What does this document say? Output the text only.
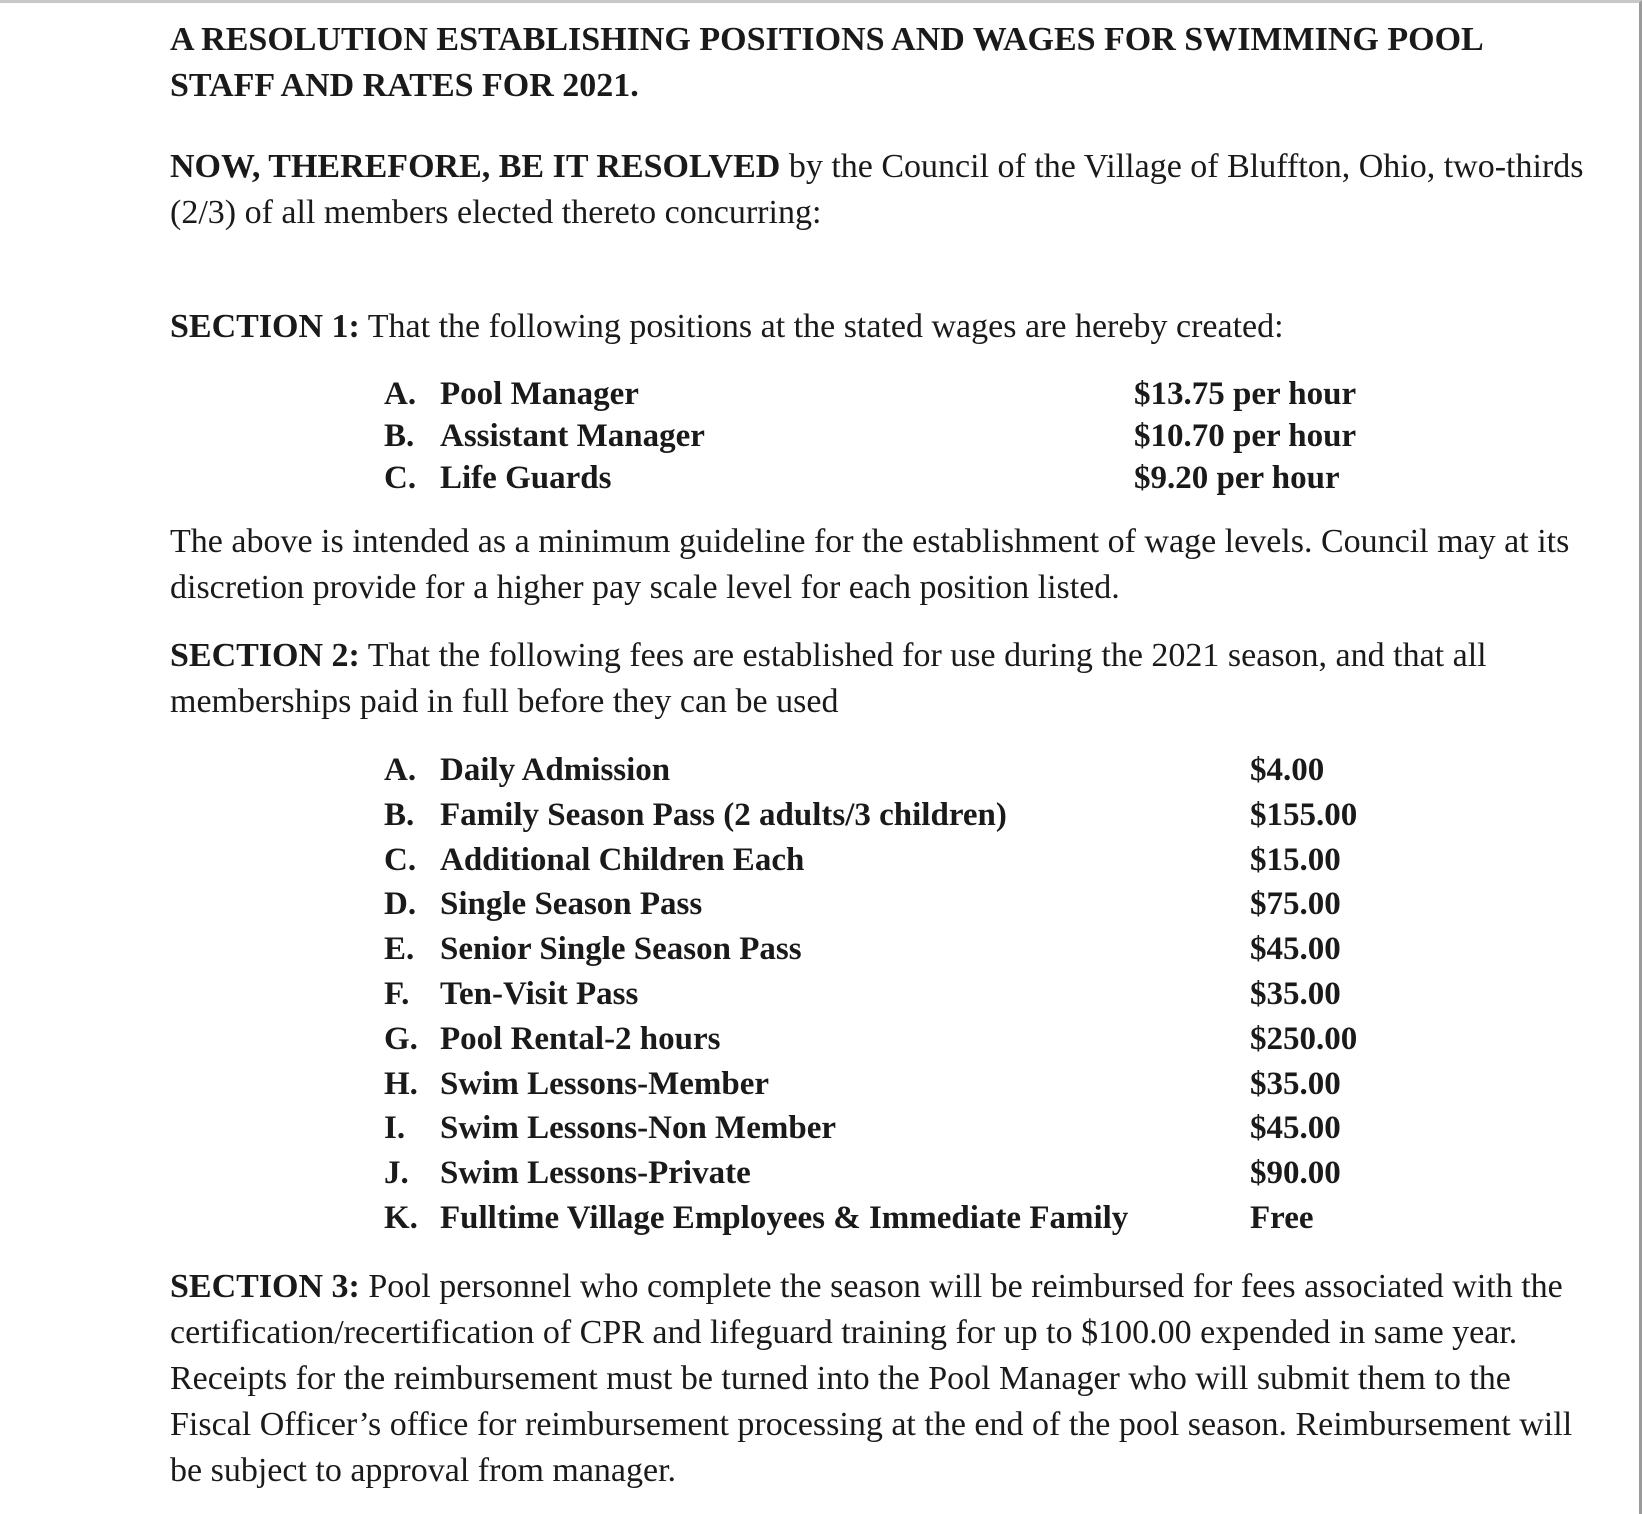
A RESOLUTION ESTABLISHING POSITIONS AND WAGES FOR SWIMMING POOL STAFF AND RATES FOR 2021.

NOW, THEREFORE, BE IT RESOLVED by the Council of the Village of Bluffton, Ohio, two-thirds (2/3) of all members elected thereto concurring:

SECTION 1: That the following positions at the stated wages are hereby created:

A. Pool Manager	$13.75 per hour
B. Assistant Manager	$10.70 per hour
C. Life Guards	$9.20 per hour

The above is intended as a minimum guideline for the establishment of wage levels. Council may at its discretion provide for a higher pay scale level for each position listed.

SECTION 2: That the following fees are established for use during the 2021 season, and that all memberships paid in full before they can be used

A. Daily Admission	$4.00
B. Family Season Pass (2 adults/3 children)	$155.00
C. Additional Children Each	$15.00
D. Single Season Pass	$75.00
E. Senior Single Season Pass	$45.00
F. Ten-Visit Pass	$35.00
G. Pool Rental-2 hours	$250.00
H. Swim Lessons-Member	$35.00
I. Swim Lessons-Non Member	$45.00
J. Swim Lessons-Private	$90.00
K. Fulltime Village Employees & Immediate Family	Free

SECTION 3: Pool personnel who complete the season will be reimbursed for fees associated with the certification/recertification of CPR and lifeguard training for up to $100.00 expended in same year. Receipts for the reimbursement must be turned into the Pool Manager who will submit them to the Fiscal Officer’s office for reimbursement processing at the end of the pool season. Reimbursement will be subject to approval from manager.
